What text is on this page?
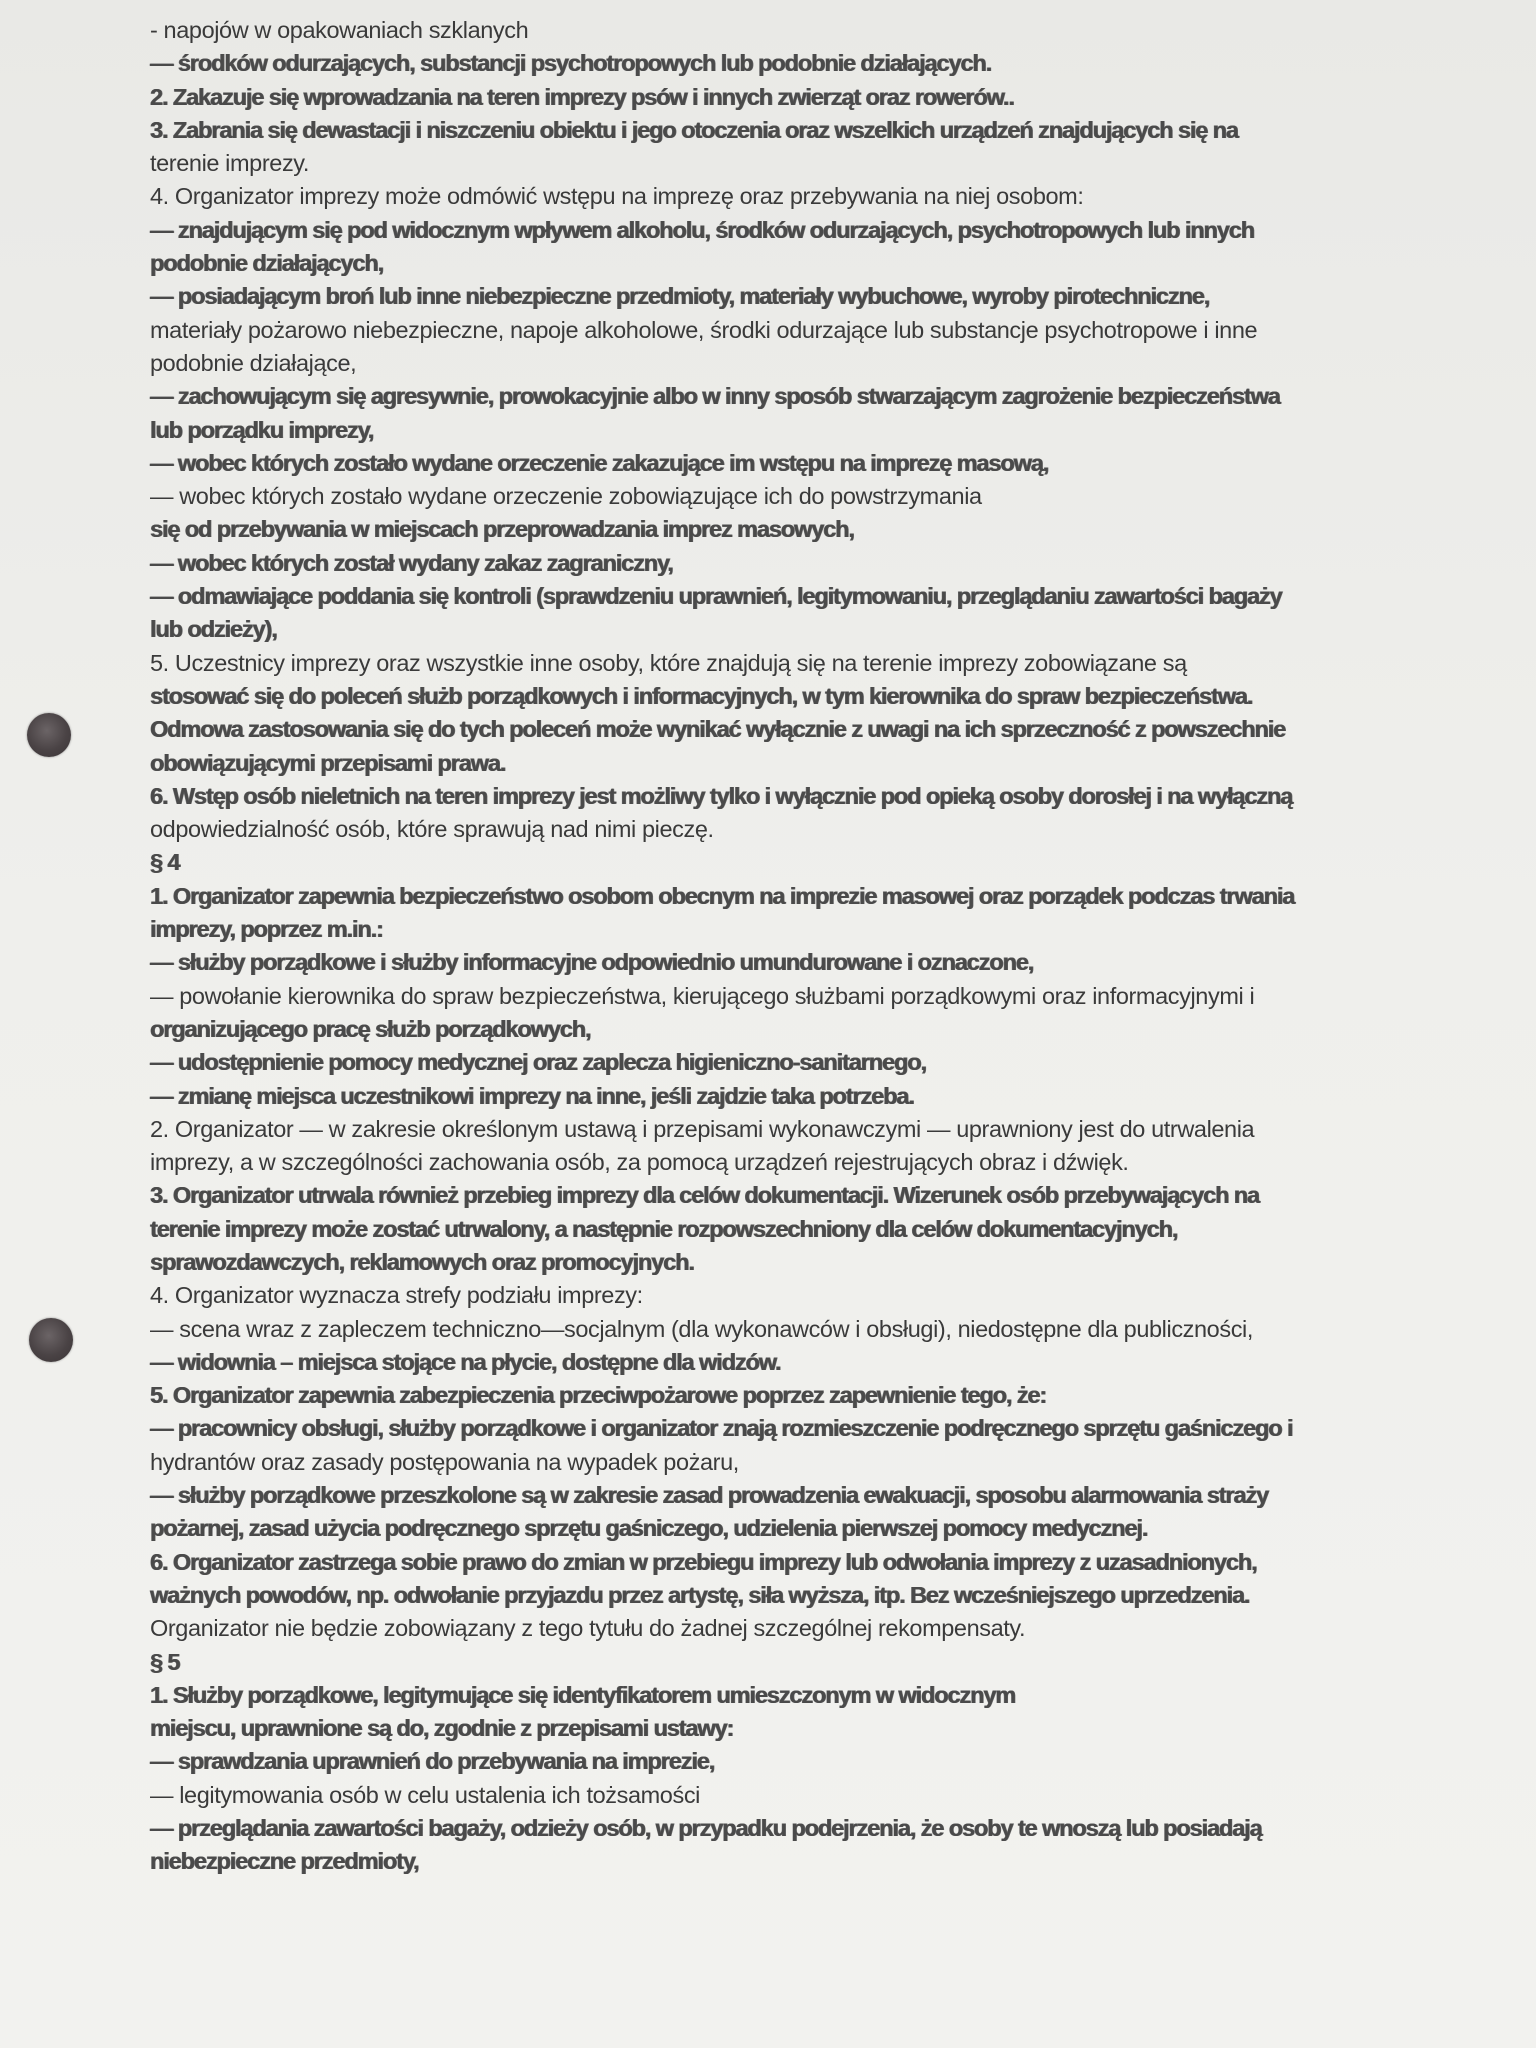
- napojów w opakowaniach szklanych
— środków odurzających, substancji psychotropowych lub podobnie działających.
2. Zakazuje się wprowadzania na teren imprezy psów i innych zwierząt oraz rowerów..
3. Zabrania się dewastacji i niszczeniu obiektu i jego otoczenia oraz wszelkich urządzeń znajdujących się na
terenie imprezy.
4. Organizator imprezy może odmówić wstępu na imprezę oraz przebywania na niej osobom:
— znajdującym się pod widocznym wpływem alkoholu, środków odurzających, psychotropowych lub innych
podobnie działających,
— posiadającym broń lub inne niebezpieczne przedmioty, materiały wybuchowe, wyroby pirotechniczne,
materiały pożarowo niebezpieczne, napoje alkoholowe, środki odurzające lub substancje psychotropowe i inne
podobnie działające,
— zachowującym się agresywnie, prowokacyjnie albo w inny sposób stwarzającym zagrożenie bezpieczeństwa
lub porządku imprezy,
— wobec których zostało wydane orzeczenie zakazujące im wstępu na imprezę masową,
— wobec których zostało wydane orzeczenie zobowiązujące ich do powstrzymania
się od przebywania w miejscach przeprowadzania imprez masowych,
— wobec których został wydany zakaz zagraniczny,
— odmawiające poddania się kontroli (sprawdzeniu uprawnień, legitymowaniu, przeglądaniu zawartości bagaży
lub odzieży),
5. Uczestnicy imprezy oraz wszystkie inne osoby, które znajdują się na terenie imprezy zobowiązane są
stosować się do poleceń służb porządkowych i informacyjnych, w tym kierownika do spraw bezpieczeństwa.
Odmowa zastosowania się do tych poleceń może wynikać wyłącznie z uwagi na ich sprzeczność z powszechnie
obowiązującymi przepisami prawa.
6. Wstęp osób nieletnich na teren imprezy jest możliwy tylko i wyłącznie pod opieką osoby dorosłej i na wyłączną
odpowiedzialność osób, które sprawują nad nimi pieczę.
§ 4
1. Organizator zapewnia bezpieczeństwo osobom obecnym na imprezie masowej oraz porządek podczas trwania
imprezy, poprzez m.in.:
— służby porządkowe i służby informacyjne odpowiednio umundurowane i oznaczone,
— powołanie kierownika do spraw bezpieczeństwa, kierującego służbami porządkowymi oraz informacyjnymi i
organizującego pracę służb porządkowych,
— udostępnienie pomocy medycznej oraz zaplecza higieniczno-sanitarnego,
— zmianę miejsca uczestnikowi imprezy na inne, jeśli zajdzie taka potrzeba.
2. Organizator — w zakresie określonym ustawą i przepisami wykonawczymi — uprawniony jest do utrwalenia
imprezy, a w szczególności zachowania osób, za pomocą urządzeń rejestrujących obraz i dźwięk.
3. Organizator utrwala również przebieg imprezy dla celów dokumentacji. Wizerunek osób przebywających na
terenie imprezy może zostać utrwalony, a następnie rozpowszechniony dla celów dokumentacyjnych,
sprawozdawczych, reklamowych oraz promocyjnych.
4. Organizator wyznacza strefy podziału imprezy:
— scena wraz z zapleczem techniczno—socjalnym (dla wykonawców i obsługi), niedostępne dla publiczności,
— widownia – miejsca stojące na płycie, dostępne dla widzów.
5. Organizator zapewnia zabezpieczenia przeciwpożarowe poprzez zapewnienie tego, że:
— pracownicy obsługi, służby porządkowe i organizator znają rozmieszczenie podręcznego sprzętu gaśniczego i
hydrantów oraz zasady postępowania na wypadek pożaru,
— służby porządkowe przeszkolone są w zakresie zasad prowadzenia ewakuacji, sposobu alarmowania straży
pożarnej, zasad użycia podręcznego sprzętu gaśniczego, udzielenia pierwszej pomocy medycznej.
6. Organizator zastrzega sobie prawo do zmian w przebiegu imprezy lub odwołania imprezy z uzasadnionych,
ważnych powodów, np. odwołanie przyjazdu przez artystę, siła wyższa, itp. Bez wcześniejszego uprzedzenia.
Organizator nie będzie zobowiązany z tego tytułu do żadnej szczególnej rekompensaty.
§ 5
1. Służby porządkowe, legitymujące się identyfikatorem umieszczonym w widocznym
miejscu, uprawnione są do, zgodnie z przepisami ustawy:
— sprawdzania uprawnień do przebywania na imprezie,
— legitymowania osób w celu ustalenia ich tożsamości
— przeglądania zawartości bagaży, odzieży osób, w przypadku podejrzenia, że osoby te wnoszą lub posiadają
niebezpieczne przedmioty,
